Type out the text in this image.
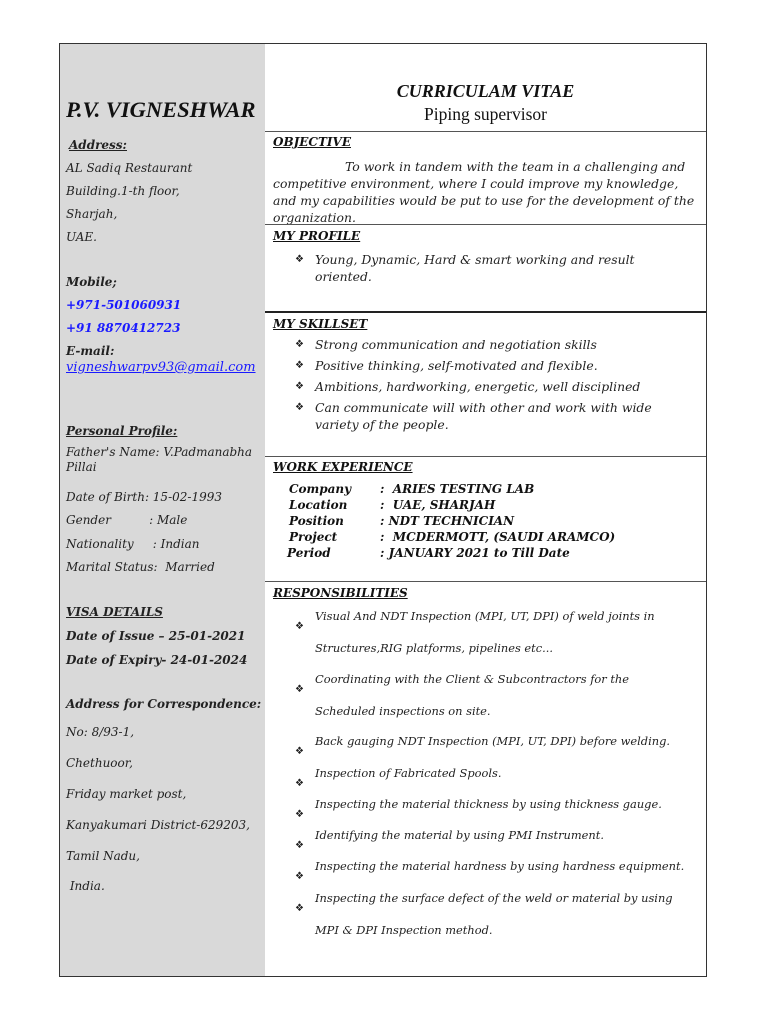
P.V. VIGNESHWAR
Address:
AL Sadiq Restaurant
Building.1-th floor,
Sharjah,
UAE.
Mobile;
+971-501060931
+91 8870412723
E-mail:
vigneshwarpv93@gmail.com
Personal Profile:
Father's Name: V.Padmanabha
Pillai
Date of Birth: 15-02-1993
Gender          : Male
Nationality     : Indian
Marital Status:  Married
VISA DETAILS
Date of Issue – 25-01-2021
Date of Expiry- 24-01-2024
Address for Correspondence:
No: 8/93-1,
Chethuoor,
Friday market post,
Kanyakumari District-629203,
Tamil Nadu,
India.
CURRICULAM VITAE
Piping supervisor
OBJECTIVE
To work in tandem with the team in a challenging and competitive environment, where I could improve my knowledge, and my capabilities would be put to use for the development of the organization.
MY PROFILE
❖ Young, Dynamic, Hard & smart working and result oriented.
MY SKILLSET
❖ Strong communication and negotiation skills
❖ Positive thinking, self-motivated and flexible.
❖ Ambitions, hardworking, energetic, well disciplined
❖ Can communicate will with other and work with wide variety of the people.
WORK EXPERIENCE
Company :  ARIES TESTING LAB
Location	:  UAE, SHARJAH
Position	: NDT TECHNICIAN
Project	:  MCDERMOTT, (SAUDI ARAMCO)
Period	: JANUARY 2021 to Till Date
RESPONSIBILITIES
❖
Visual And NDT Inspection (MPI, UT, DPI) of weld joints in Structures,RIG platforms, pipelines etc...
❖
Coordinating with the Client & Subcontractors for the Scheduled inspections on site.
❖
Back gauging NDT Inspection (MPI, UT, DPI) before welding.
❖
Inspection of Fabricated Spools.
❖
Inspecting the material thickness by using thickness gauge.
❖
Identifying the material by using PMI Instrument.
❖
Inspecting the material hardness by using hardness equipment.
❖
Inspecting the surface defect of the weld or material by using MPI & DPI Inspection method.
